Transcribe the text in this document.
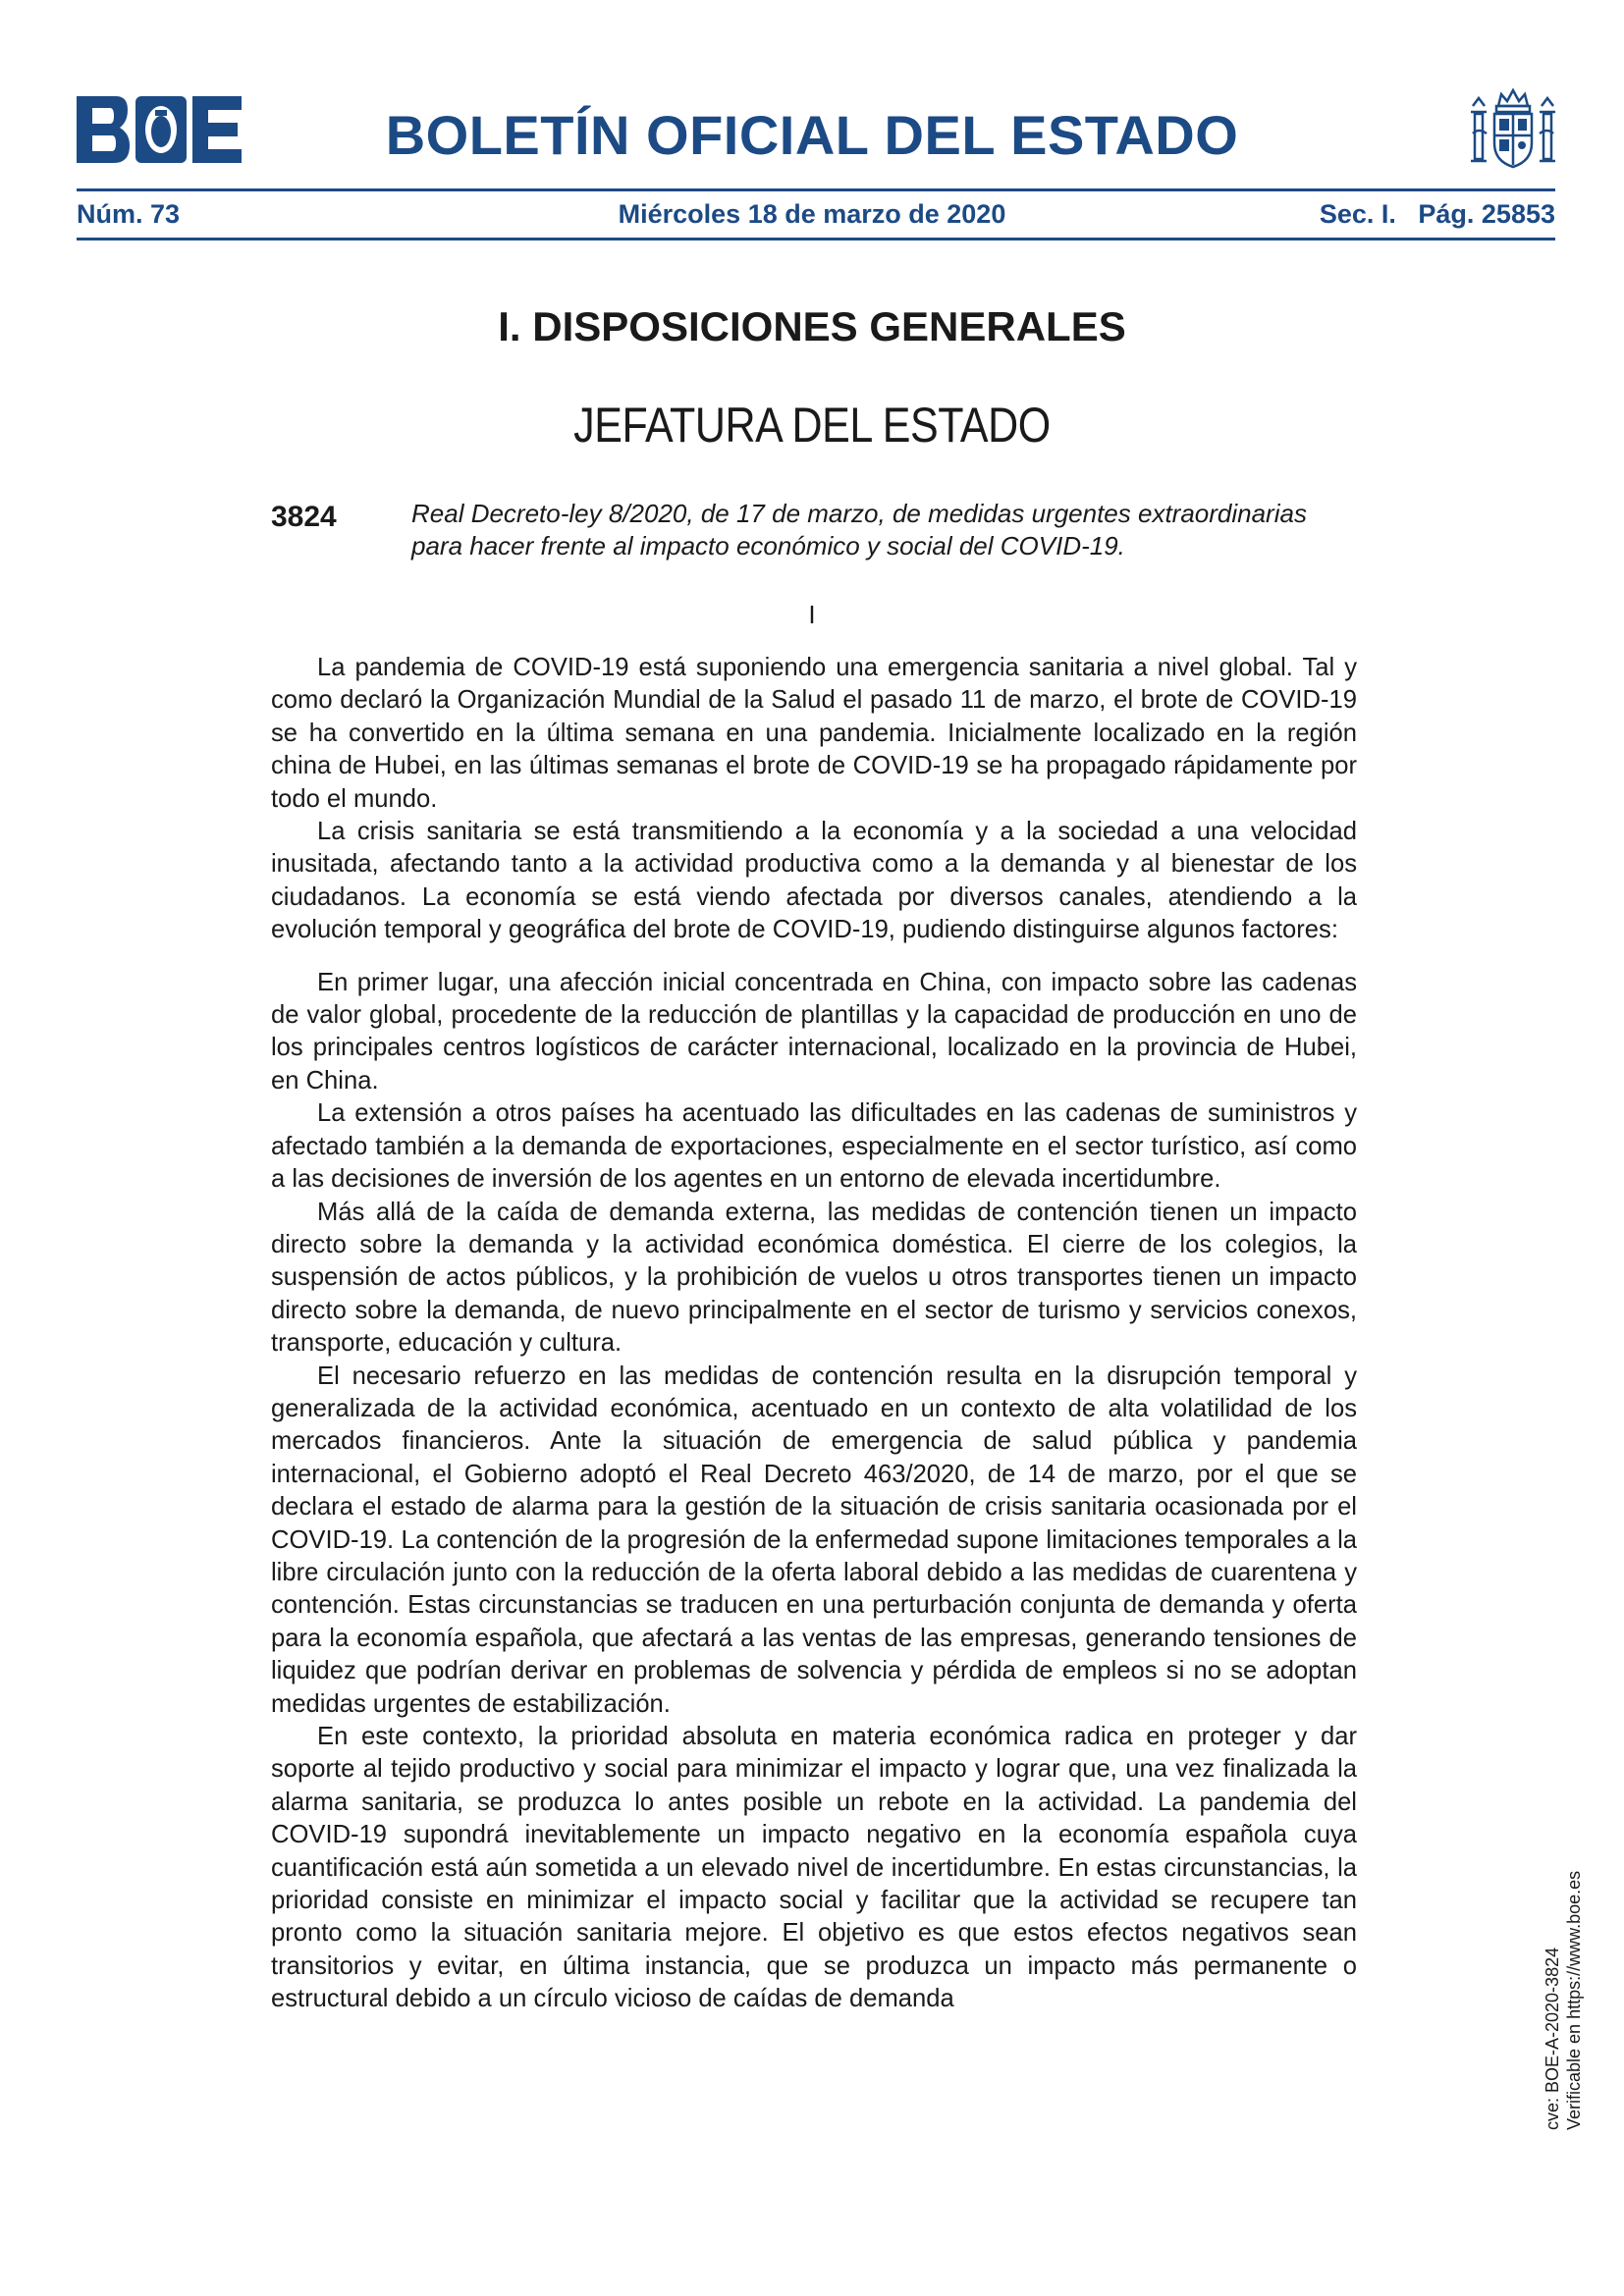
BOLETÍN OFICIAL DEL ESTADO
Núm. 73	Miércoles 18 de marzo de 2020	Sec. I.   Pág. 25853
I. DISPOSICIONES GENERALES
JEFATURA DEL ESTADO
3824	Real Decreto-ley 8/2020, de 17 de marzo, de medidas urgentes extraordinarias para hacer frente al impacto económico y social del COVID-19.
I

La pandemia de COVID-19 está suponiendo una emergencia sanitaria a nivel global. Tal y como declaró la Organización Mundial de la Salud el pasado 11 de marzo, el brote de COVID-19 se ha convertido en la última semana en una pandemia. Inicialmente localizado en la región china de Hubei, en las últimas semanas el brote de COVID-19 se ha propagado rápidamente por todo el mundo.

La crisis sanitaria se está transmitiendo a la economía y a la sociedad a una velocidad inusitada, afectando tanto a la actividad productiva como a la demanda y al bienestar de los ciudadanos. La economía se está viendo afectada por diversos canales, atendiendo a la evolución temporal y geográfica del brote de COVID-19, pudiendo distinguirse algunos factores:

En primer lugar, una afección inicial concentrada en China, con impacto sobre las cadenas de valor global, procedente de la reducción de plantillas y la capacidad de producción en uno de los principales centros logísticos de carácter internacional, localizado en la provincia de Hubei, en China.

La extensión a otros países ha acentuado las dificultades en las cadenas de suministros y afectado también a la demanda de exportaciones, especialmente en el sector turístico, así como a las decisiones de inversión de los agentes en un entorno de elevada incertidumbre.

Más allá de la caída de demanda externa, las medidas de contención tienen un impacto directo sobre la demanda y la actividad económica doméstica. El cierre de los colegios, la suspensión de actos públicos, y la prohibición de vuelos u otros transportes tienen un impacto directo sobre la demanda, de nuevo principalmente en el sector de turismo y servicios conexos, transporte, educación y cultura.

El necesario refuerzo en las medidas de contención resulta en la disrupción temporal y generalizada de la actividad económica, acentuado en un contexto de alta volatilidad de los mercados financieros. Ante la situación de emergencia de salud pública y pandemia internacional, el Gobierno adoptó el Real Decreto 463/2020, de 14 de marzo, por el que se declara el estado de alarma para la gestión de la situación de crisis sanitaria ocasionada por el COVID-19. La contención de la progresión de la enfermedad supone limitaciones temporales a la libre circulación junto con la reducción de la oferta laboral debido a las medidas de cuarentena y contención. Estas circunstancias se traducen en una perturbación conjunta de demanda y oferta para la economía española, que afectará a las ventas de las empresas, generando tensiones de liquidez que podrían derivar en problemas de solvencia y pérdida de empleos si no se adoptan medidas urgentes de estabilización.

En este contexto, la prioridad absoluta en materia económica radica en proteger y dar soporte al tejido productivo y social para minimizar el impacto y lograr que, una vez finalizada la alarma sanitaria, se produzca lo antes posible un rebote en la actividad. La pandemia del COVID-19 supondrá inevitablemente un impacto negativo en la economía española cuya cuantificación está aún sometida a un elevado nivel de incertidumbre. En estas circunstancias, la prioridad consiste en minimizar el impacto social y facilitar que la actividad se recupere tan pronto como la situación sanitaria mejore. El objetivo es que estos efectos negativos sean transitorios y evitar, en última instancia, que se produzca un impacto más permanente o estructural debido a un círculo vicioso de caídas de demanda	cve: BOE-A-2020-3824 Verificable en https://www.boe.es
